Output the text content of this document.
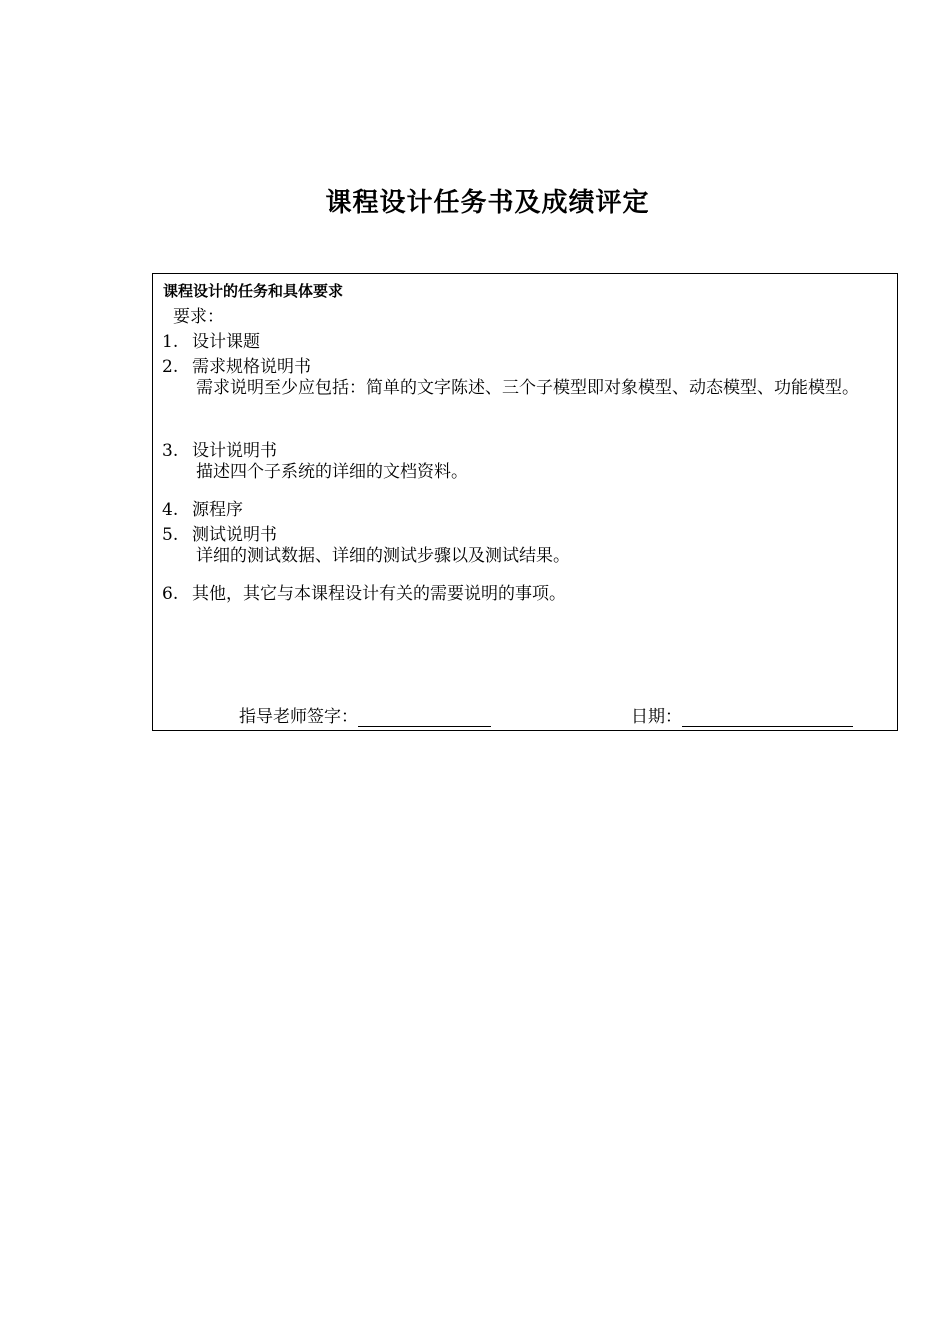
课程设计任务书及成绩评定
课程设计的任务和具体要求
要求：
1. 设计课题
2. 需求规格说明书
需求说明至少应包括：简单的文字陈述、三个子模型即对象模型、动态模型、功能模型。
3. 设计说明书
描述四个子系统的详细的文档资料。
4. 源程序
5. 测试说明书
详细的测试数据、详细的测试步骤以及测试结果。
6. 其他，其它与本课程设计有关的需要说明的事项。
指导老师签字：	日期：
